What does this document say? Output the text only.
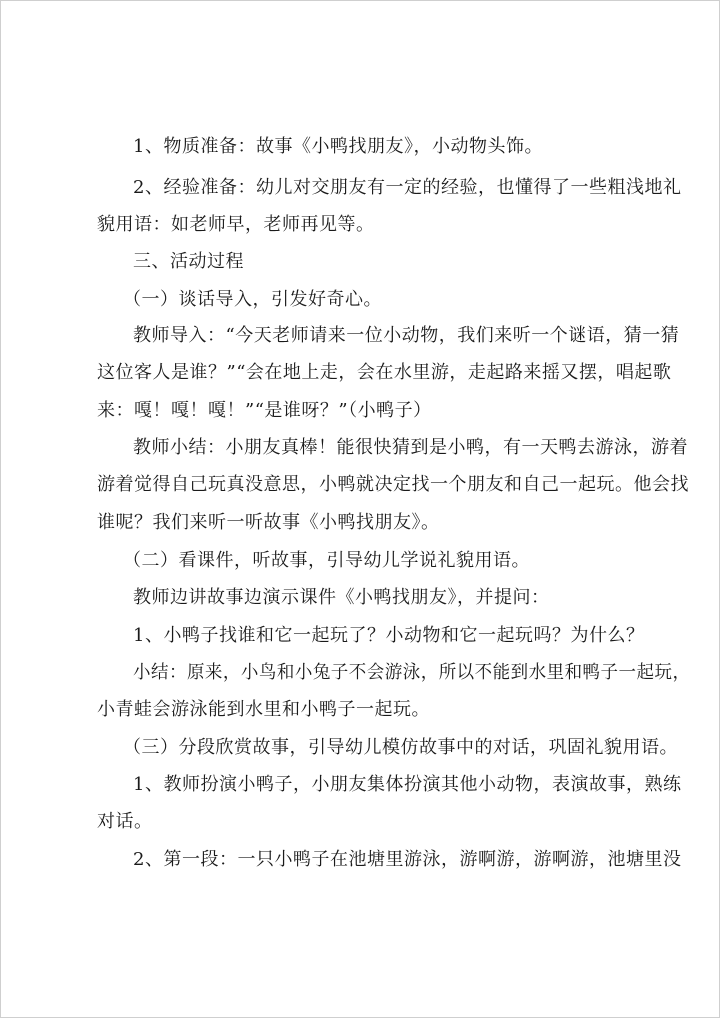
1、物质准备：故事《小鸭找朋友》，小动物头饰。
2、经验准备：幼儿对交朋友有一定的经验，也懂得了一些粗浅地礼
貌用语：如老师早，老师再见等。
三、活动过程
（一）谈话导入，引发好奇心。
教师导入：“今天老师请来一位小动物，我们来听一个谜语，猜一猜
这位客人是谁？”“会在地上走，会在水里游，走起路来摇又摆，唱起歌
来：嘎！嘎！嘎！”“是谁呀？”（小鸭子）
教师小结：小朋友真棒！能很快猜到是小鸭，有一天鸭去游泳，游着
游着觉得自己玩真没意思，小鸭就决定找一个朋友和自己一起玩。他会找
谁呢？我们来听一听故事《小鸭找朋友》。
（二）看课件，听故事，引导幼儿学说礼貌用语。
教师边讲故事边演示课件《小鸭找朋友》，并提问：
1、小鸭子找谁和它一起玩了？小动物和它一起玩吗？为什么？
小结：原来，小鸟和小兔子不会游泳，所以不能到水里和鸭子一起玩，
小青蛙会游泳能到水里和小鸭子一起玩。
（三）分段欣赏故事，引导幼儿模仿故事中的对话，巩固礼貌用语。
1、教师扮演小鸭子，小朋友集体扮演其他小动物，表演故事，熟练
对话。
2、第一段：一只小鸭子在池塘里游泳，游啊游，游啊游，池塘里没
